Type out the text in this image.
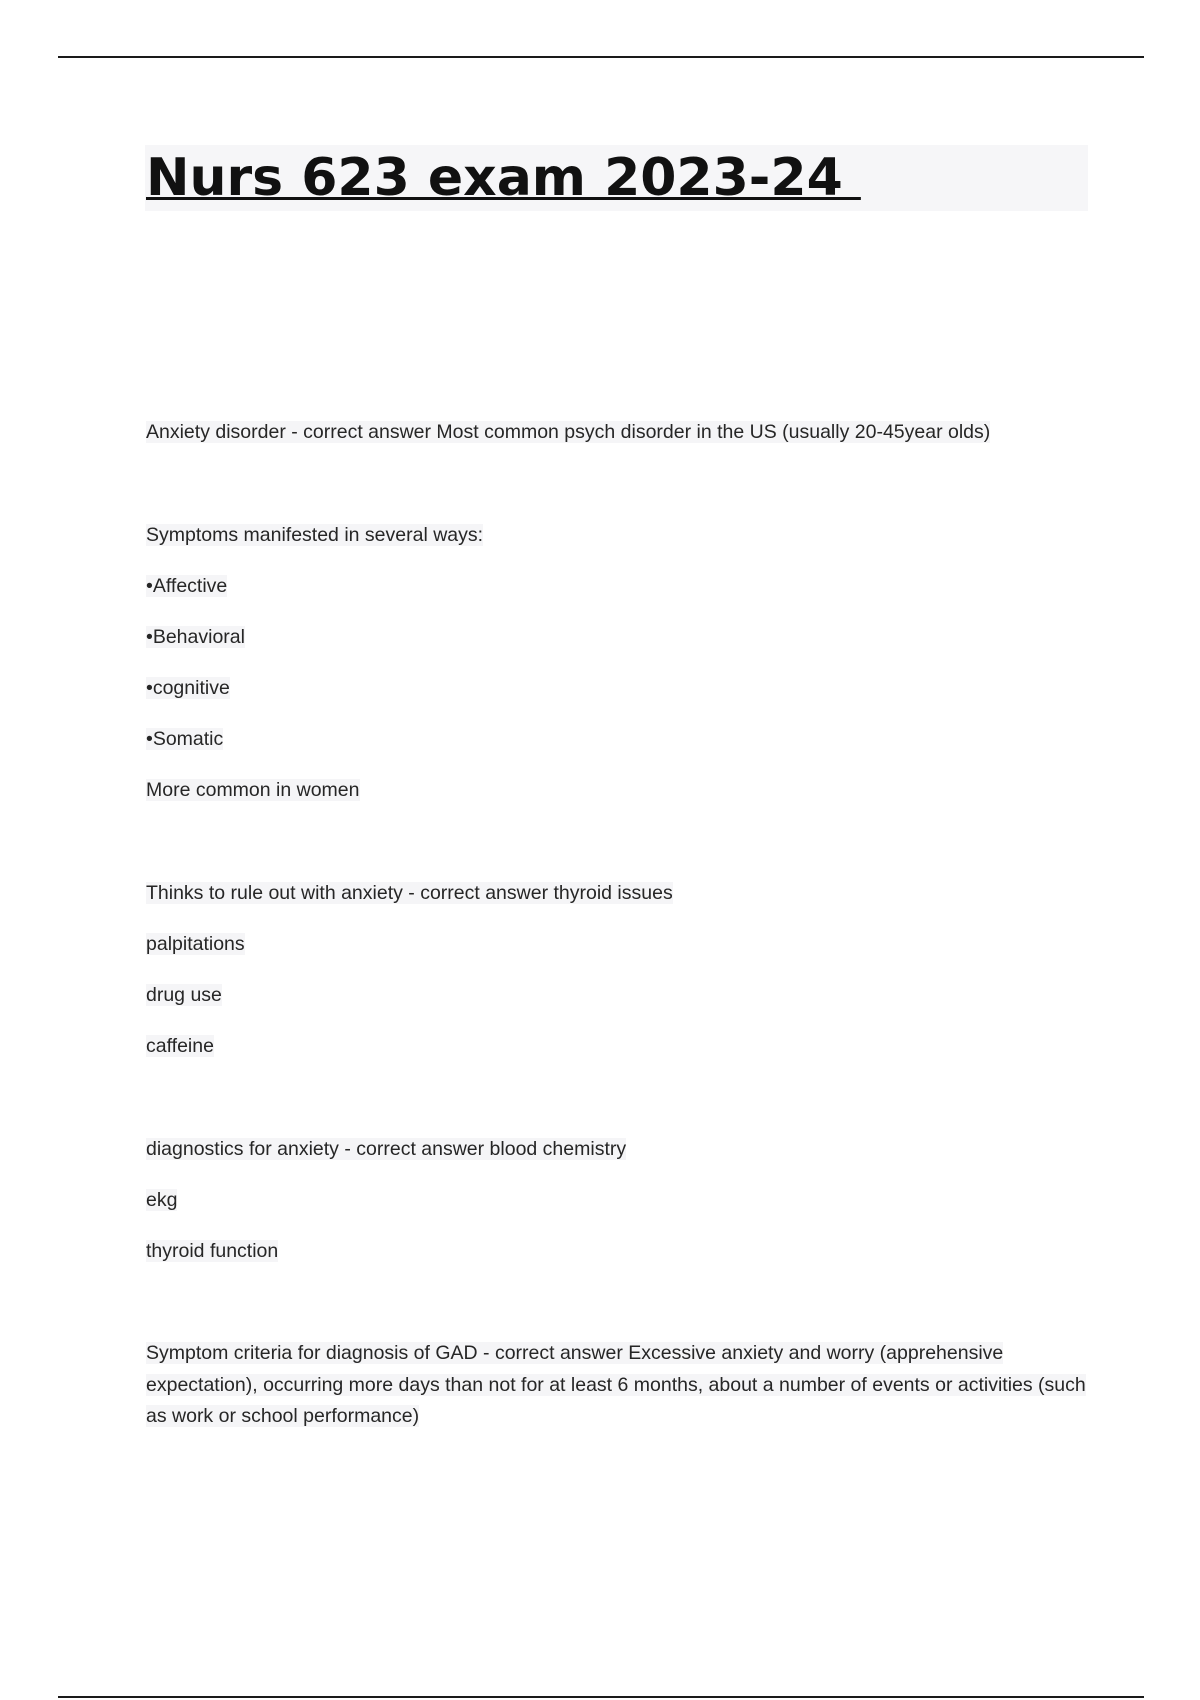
Nurs 623 exam 2023-24

Anxiety disorder - correct answer Most common psych disorder in the US (usually 20-45year olds)

Symptoms manifested in several ways:

•Affective

•Behavioral

•cognitive

•Somatic

More common in women

Thinks to rule out with anxiety - correct answer thyroid issues

palpitations

drug use

caffeine

diagnostics for anxiety - correct answer blood chemistry

ekg

thyroid function

Symptom criteria for diagnosis of GAD - correct answer Excessive anxiety and worry (apprehensive expectation), occurring more days than not for at least 6 months, about a number of events or activities (such as work or school performance)
